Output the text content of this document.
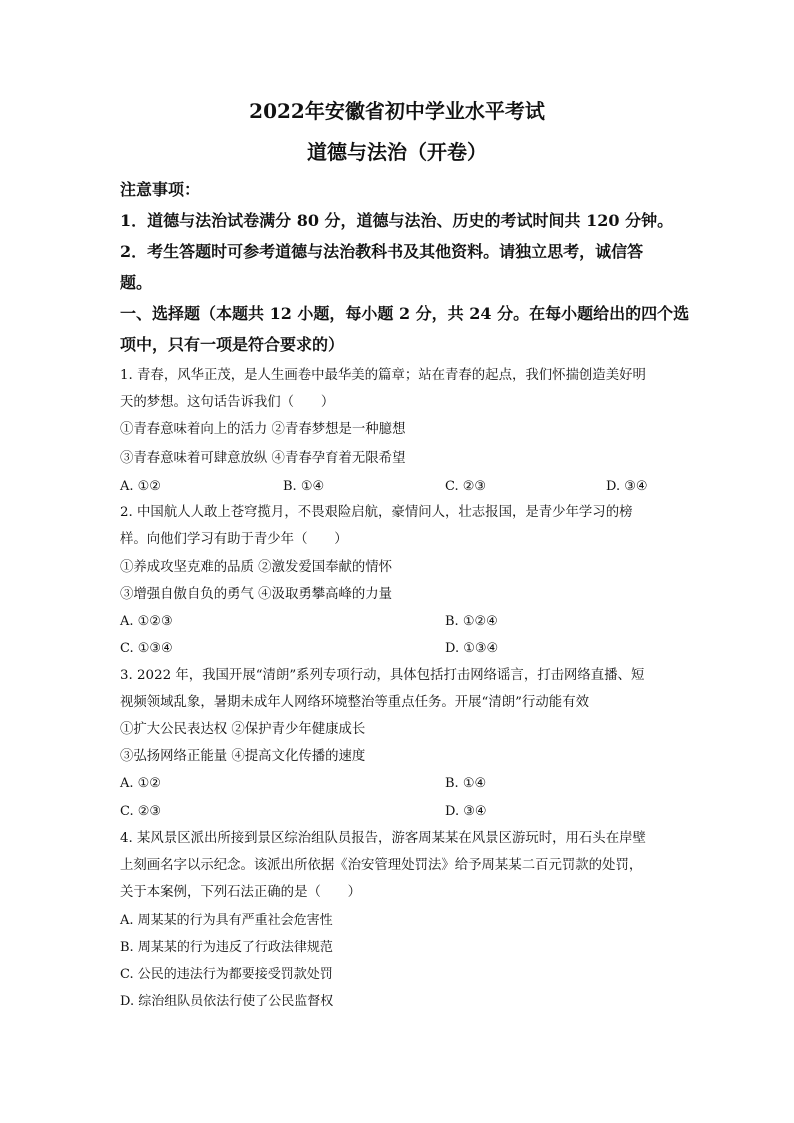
2022年安徽省初中学业水平考试
道德与法治（开卷）
注意事项：
1．道德与法治试卷满分 80 分，道德与法治、历史的考试时间共 120 分钟。
2．考生答题时可参考道德与法治教科书及其他资料。请独立思考，诚信答
题。
一、选择题（本题共 12 小题，每小题 2 分，共 24 分。在每小题给出的四个选
项中，只有一项是符合要求的）
1. 青春，风华正茂，是人生画卷中最华美的篇章；站在青春的起点，我们怀揣创造美好明
天的梦想。这句话告诉我们（　　）
①青春意味着向上的活力 ②青春梦想是一种臆想
③青春意味着可肆意放纵 ④青春孕育着无限希望
A. ①②	B. ①④	C. ②③	D. ③④
2. 中国航人人敢上苍穹揽月，不畏艰险启航，豪情问人，壮志报国，是青少年学习的榜
样。向他们学习有助于青少年（　　）
①养成攻坚克难的品质 ②激发爱国奉献的情怀
③增强自傲自负的勇气 ④汲取勇攀高峰的力量
A. ①②③	B. ①②④
C. ①③④	D. ①③④
3. 2022 年，我国开展“清朗”系列专项行动，具体包括打击网络谣言，打击网络直播、短
视频领域乱象，暑期未成年人网络环境整治等重点任务。开展“清朗”行动能有效
①扩大公民表达权 ②保护青少年健康成长
③弘扬网络正能量 ④提高文化传播的速度
A. ①②	B. ①④
C. ②③	D. ③④
4. 某风景区派出所接到景区综治组队员报告，游客周某某在风景区游玩时，用石头在岸壁
上刻画名字以示纪念。该派出所依据《治安管理处罚法》给予周某某二百元罚款的处罚，
关于本案例，下列石法正确的是（　　）
A. 周某某的行为具有严重社会危害性
B. 周某某的行为违反了行政法律规范
C. 公民的违法行为都要接受罚款处罚
D. 综治组队员依法行使了公民监督权
